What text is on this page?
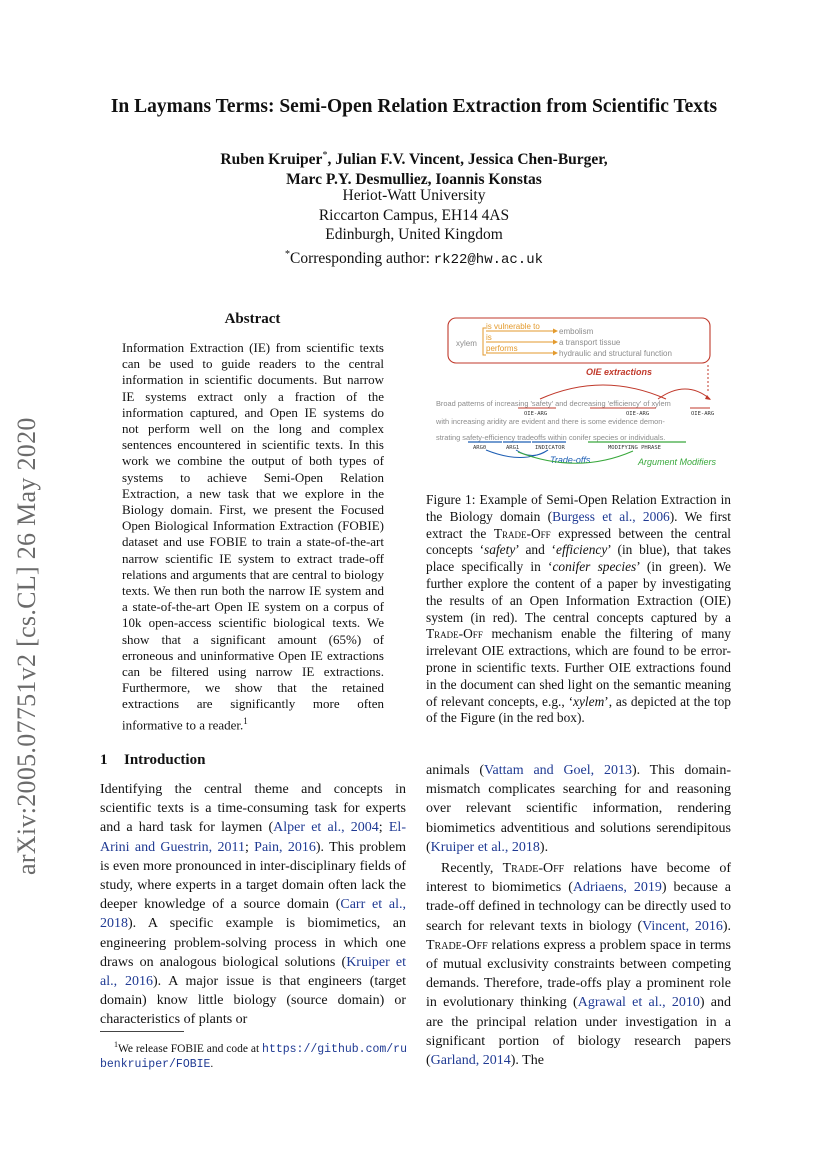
In Laymans Terms: Semi-Open Relation Extraction from Scientific Texts
Ruben Kruiper*, Julian F.V. Vincent, Jessica Chen-Burger,
Marc P.Y. Desmulliez, Ioannis Konstas
Heriot-Watt University
Riccarton Campus, EH14 4AS
Edinburgh, United Kingdom
*Corresponding author: rk22@hw.ac.uk
arXiv:2005.07751v2 [cs.CL] 26 May 2020
Abstract
Information Extraction (IE) from scientific texts can be used to guide readers to the central information in scientific documents. But narrow IE systems extract only a fraction of the information captured, and Open IE systems do not perform well on the long and complex sentences encountered in scientific texts. In this work we combine the output of both types of systems to achieve Semi-Open Relation Extraction, a new task that we explore in the Biology domain. First, we present the Focused Open Biological Information Extraction (FOBIE) dataset and use FOBIE to train a state-of-the-art narrow scientific IE system to extract trade-off relations and arguments that are central to biology texts. We then run both the narrow IE system and a state-of-the-art Open IE system on a corpus of 10k open-access scientific biological texts. We show that a significant amount (65%) of erroneous and uninformative Open IE extractions can be filtered using narrow IE extractions. Furthermore, we show that the retained extractions are significantly more often informative to a reader.$^1$
1 Introduction

Identifying the central theme and concepts in scientific texts is a time-consuming task for experts and a hard task for laymen (Alper et al., 2004; El-Arini and Guestrin, 2011; Pain, 2016). This problem is even more pronounced in inter-disciplinary fields of study, where experts in a target domain often lack the deeper knowledge of a source domain (Carr et al., 2018). A specific example is biomimetics, an engineering problem-solving process in which one draws on analogous biological solutions (Kruiper et al., 2016). A major issue is that engineers (target domain) know little biology (source domain) or characteristics of plants or

$^1$We release FOBIE and code at https://github.com/rubenkruiper/FOBIE.
xylem
is vulnerable to
is
performs
embolism
a transport tissue
hydraulic and structural function
OIE extractions
Broad patterns of increasing 'safety' and decreasing 'efficiency' of xylem
OIE-ARG	OIE-ARG	OIE-ARG
with increasing aridity are evident and there is some evidence demon-
strating safety-efficiency tradeoffs within conifer species or individuals.
ARG0	ARG1	INDICATOR	MODIFYING PHRASE
Trade-offs	Argument Modifiers
Figure 1: Example of Semi-Open Relation Extraction in the Biology domain (Burgess et al., 2006). We first extract the Trade-Off expressed between the central concepts ‘safety’ and ‘efficiency’ (in blue), that takes place specifically in ‘conifer species’ (in green). We further explore the content of a paper by investigating the results of an Open Information Extraction (OIE) system (in red). The central concepts captured by a Trade-Off mechanism enable the filtering of many irrelevant OIE extractions, which are found to be error-prone in scientific texts. Further OIE extractions found in the document can shed light on the semantic meaning of relevant concepts, e.g., ‘xylem’, as depicted at the top of the Figure (in the red box).

animals (Vattam and Goel, 2013). This domain-mismatch complicates searching for and reasoning over relevant scientific information, rendering biomimetics adventitious and solutions serendipitous (Kruiper et al., 2018).

Recently, Trade-Off relations have become of interest to biomimetics (Adriaens, 2019) because a trade-off defined in technology can be directly used to search for relevant texts in biology (Vincent, 2016). Trade-Off relations express a problem space in terms of mutual exclusivity constraints between competing demands. Therefore, trade-offs play a prominent role in evolutionary thinking (Agrawal et al., 2010) and are the principal relation under investigation in a significant portion of biology research papers (Garland, 2014). The
